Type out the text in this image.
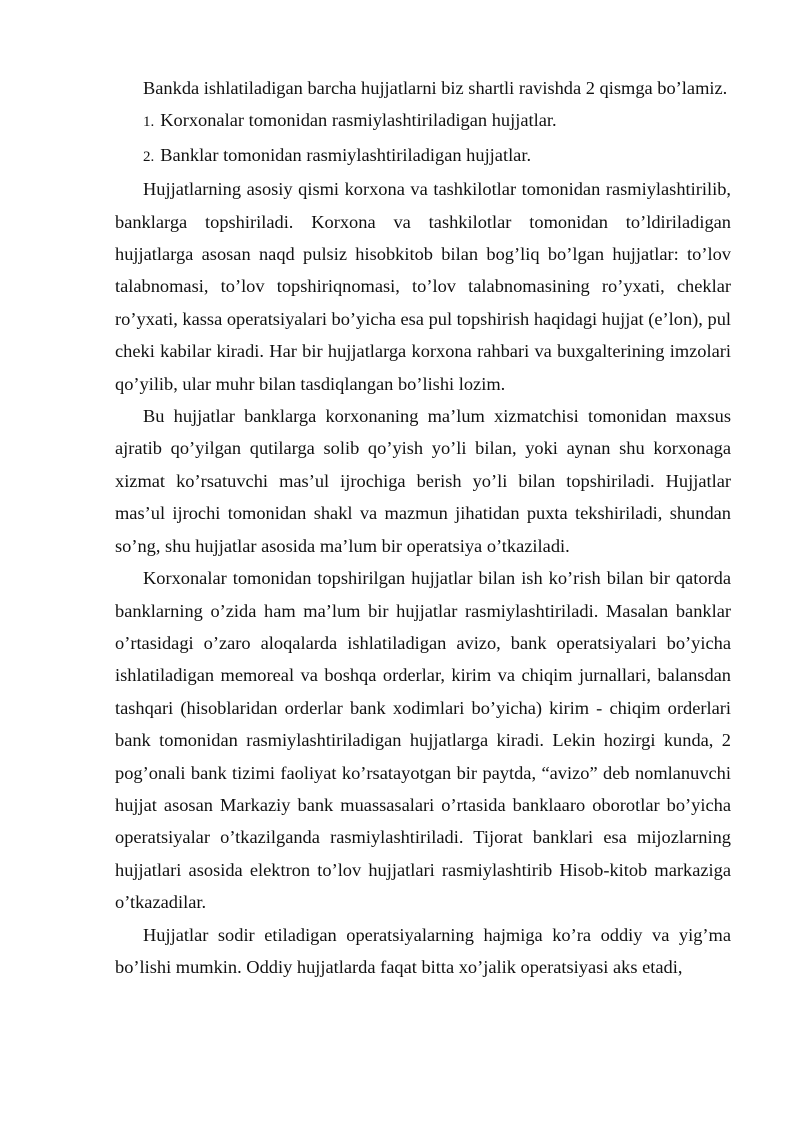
Bankda ishlatiladigan barcha hujjatlarni biz shartli ravishda 2 qismga bo’lamiz.

1. Korxonalar tomonidan rasmiylashtiriladigan hujjatlar.

2. Banklar tomonidan rasmiylashtiriladigan hujjatlar.

Hujjatlarning asosiy qismi korxona va tashkilotlar tomonidan rasmiylashtirilib, banklarga topshiriladi. Korxona va tashkilotlar tomonidan to’ldiriladigan hujjatlarga asosan naqd pulsiz hisobkitob bilan bog’liq bo’lgan hujjatlar: to’lov talabnomasi, to’lov topshiriqnomasi, to’lov talabnomasining ro’yxati, cheklar ro’yxati, kassa operatsiyalari bo’yicha esa pul topshirish haqidagi hujjat (e’lon), pul cheki kabilar kiradi. Har bir hujjatlarga korxona rahbari va buxgalterining imzolari qo’yilib, ular muhr bilan tasdiqlangan bo’lishi lozim.

Bu hujjatlar banklarga korxonaning ma’lum xizmatchisi tomonidan maxsus ajratib qo’yilgan qutilarga solib qo’yish yo’li bilan, yoki aynan shu korxonaga xizmat ko’rsatuvchi mas’ul ijrochiga berish yo’li bilan topshiriladi. Hujjatlar mas’ul ijrochi tomonidan shakl va mazmun jihatidan puxta tekshiriladi, shundan so’ng, shu hujjatlar asosida ma’lum bir operatsiya o’tkaziladi.

Korxonalar tomonidan topshirilgan hujjatlar bilan ish ko’rish bilan bir qatorda banklarning o’zida ham ma’lum bir hujjatlar rasmiylashtiriladi. Masalan banklar o’rtasidagi o’zaro aloqalarda ishlatiladigan avizo, bank operatsiyalari bo’yicha ishlatiladigan memoreal va boshqa orderlar, kirim va chiqim jurnallari, balansdan tashqari (hisoblaridan orderlar bank xodimlari bo’yicha) kirim - chiqim orderlari bank tomonidan rasmiylashtiriladigan hujjatlarga kiradi. Lekin hozirgi kunda, 2 pog’onali bank tizimi faoliyat ko’rsatayotgan bir paytda, “avizo” deb nomlanuvchi hujjat asosan Markaziy bank muassasalari o’rtasida banklaaro oborotlar bo’yicha operatsiyalar o’tkazilganda rasmiylashtiriladi. Tijorat banklari esa mijozlarning hujjatlari asosida elektron to’lov hujjatlari rasmiylashtirib Hisob-kitob markaziga o’tkazadilar.

Hujjatlar sodir etiladigan operatsiyalarning hajmiga ko’ra oddiy va yig’ma bo’lishi mumkin. Oddiy hujjatlarda faqat bitta xo’jalik operatsiyasi aks etadi,
